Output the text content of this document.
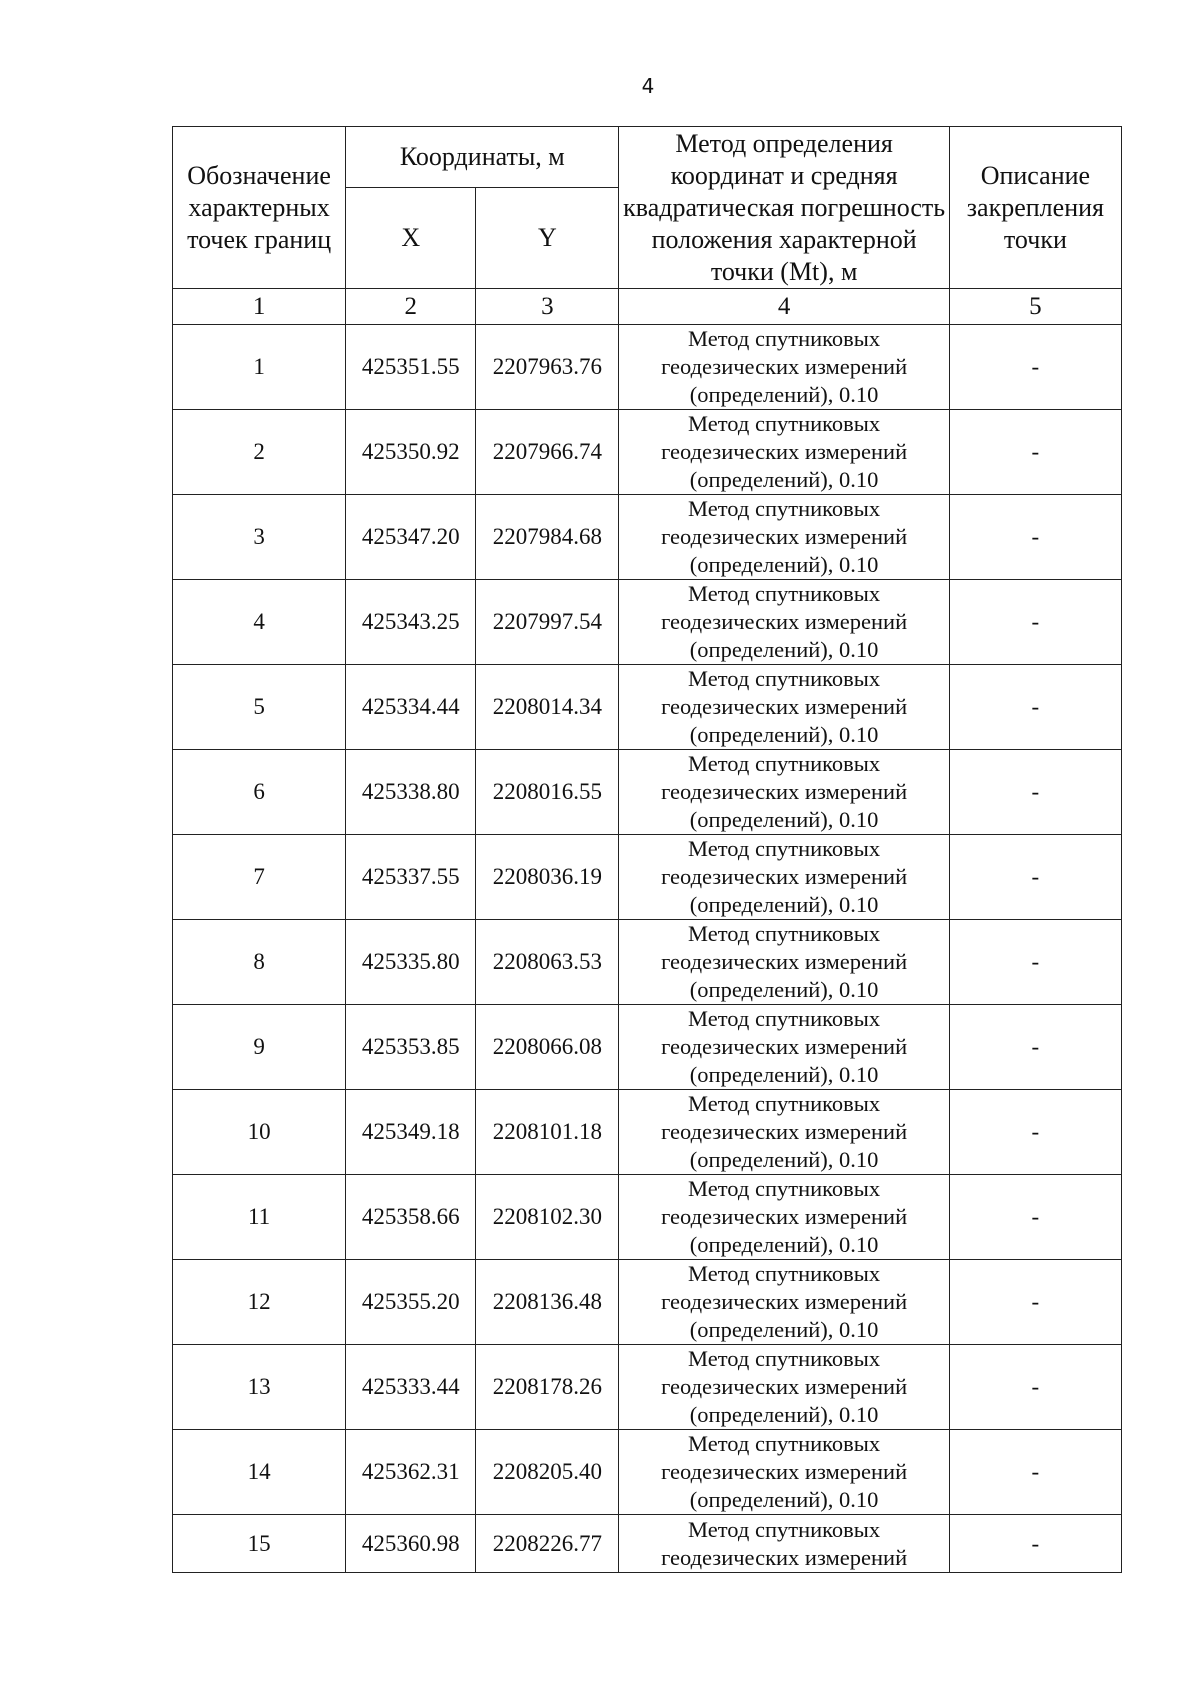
4
Обозначение характерных точек границ	Координаты, м		Метод определения координат и средняя квадратическая погрешность положения характерной точки (Mt), м	Описание закрепления точки
	X	Y		
1	2	3	4	5
1	425351.55	2207963.76	Метод спутниковых
геодезических измерений
(определений), 0.10	-
2	425350.92	2207966.74	Метод спутниковых
геодезических измерений
(определений), 0.10	-
3	425347.20	2207984.68	Метод спутниковых
геодезических измерений
(определений), 0.10	-
4	425343.25	2207997.54	Метод спутниковых
геодезических измерений
(определений), 0.10	-
5	425334.44	2208014.34	Метод спутниковых
геодезических измерений
(определений), 0.10	-
6	425338.80	2208016.55	Метод спутниковых
геодезических измерений
(определений), 0.10	-
7	425337.55	2208036.19	Метод спутниковых
геодезических измерений
(определений), 0.10	-
8	425335.80	2208063.53	Метод спутниковых
геодезических измерений
(определений), 0.10	-
9	425353.85	2208066.08	Метод спутниковых
геодезических измерений
(определений), 0.10	-
10	425349.18	2208101.18	Метод спутниковых
геодезических измерений
(определений), 0.10	-
11	425358.66	2208102.30	Метод спутниковых
геодезических измерений
(определений), 0.10	-
12	425355.20	2208136.48	Метод спутниковых
геодезических измерений
(определений), 0.10	-
13	425333.44	2208178.26	Метод спутниковых
геодезических измерений
(определений), 0.10	-
14	425362.31	2208205.40	Метод спутниковых
геодезических измерений
(определений), 0.10	-
15	425360.98	2208226.77	Метод спутниковых
геодезических измерений	-
